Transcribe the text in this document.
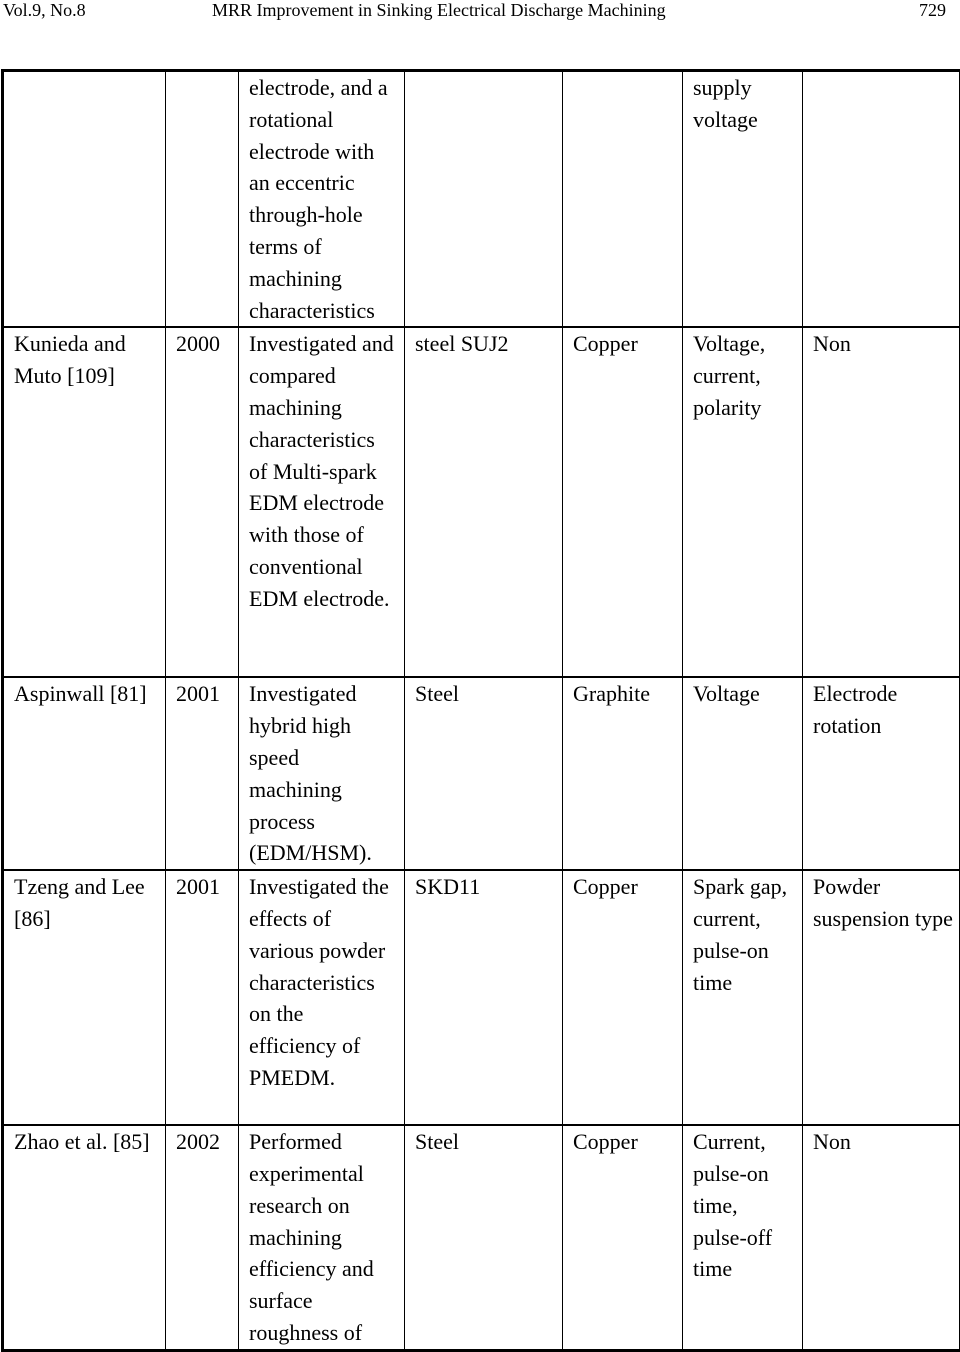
Vol.9, No.8	MRR Improvement in Sinking Electrical Discharge Machining	729

		electrode, and a rotational electrode with an eccentric through-hole terms of machining characteristics			supply voltage	

Kunieda and Muto [109]	2000	Investigated and compared machining characteristics of Multi-spark EDM electrode with those of conventional EDM electrode.	steel SUJ2	Copper	Voltage, current, polarity	Non

Aspinwall [81]	2001	Investigated hybrid high speed machining process (EDM/HSM).	Steel	Graphite	Voltage	Electrode rotation

Tzeng and Lee [86]	2001	Investigated the effects of various powder characteristics on the efficiency of PMEDM.	SKD11	Copper	Spark gap, current, pulse-on time	Powder suspension type

Zhao et al. [85]	2002	Performed experimental research on machining efficiency and surface roughness of	Steel	Copper	Current, pulse-on time, pulse-off time	Non
